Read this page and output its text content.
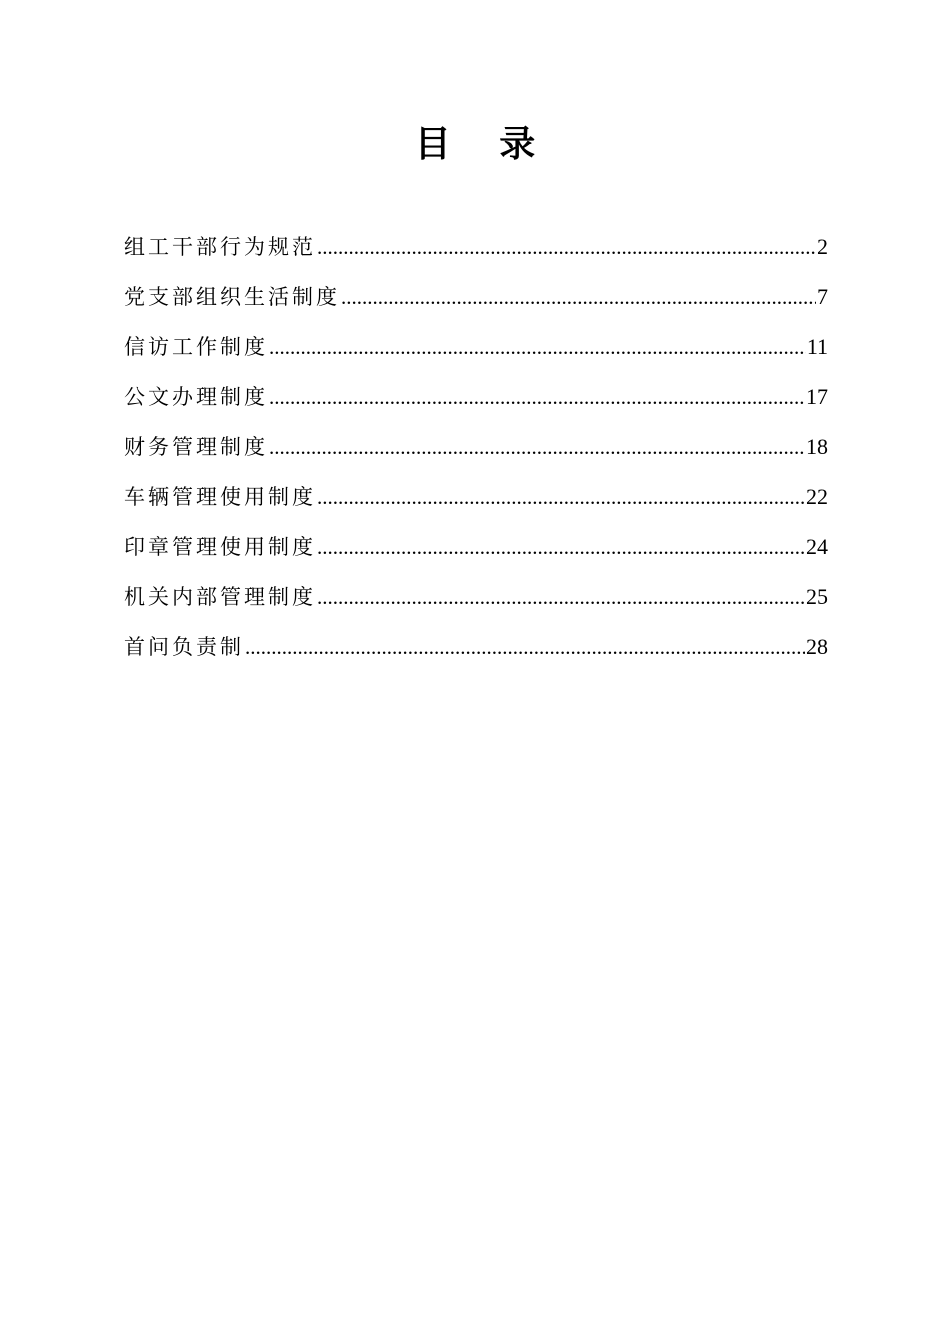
目 录
组工干部行为规范 .....	2
党支部组织生活制度 .....	7
信访工作制度 .....	11
公文办理制度 .....	17
财务管理制度 .....	18
车辆管理使用制度 .....	22
印章管理使用制度 .....	24
机关内部管理制度 .....	25
首问负责制 .....	28
